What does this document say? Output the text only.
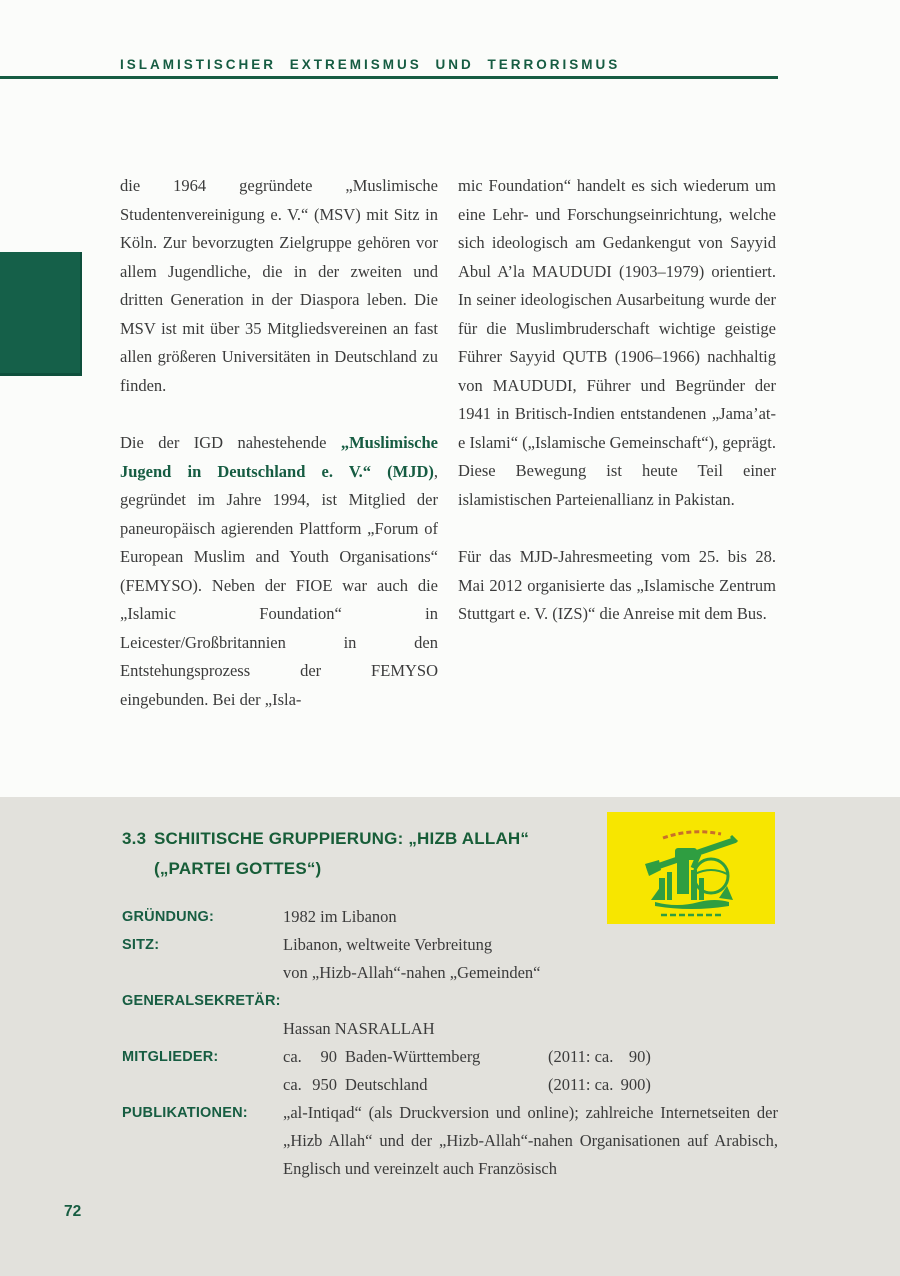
ISLAMISTISCHER EXTREMISMUS UND TERRORISMUS

die 1964 gegründete „Muslimische Studentenvereinigung e. V.“ (MSV) mit Sitz in Köln. Zur bevorzugten Zielgruppe gehören vor allem Jugendliche, die in der zweiten und dritten Generation in der Diaspora leben. Die MSV ist mit über 35 Mitgliedsvereinen an fast allen größeren Universitäten in Deutschland zu finden.

Die der IGD nahestehende „Muslimische Jugend in Deutschland e. V.“ (MJD), gegründet im Jahre 1994, ist Mitglied der paneuropäisch agierenden Plattform „Forum of European Muslim and Youth Organisations“ (FEMYSO). Neben der FIOE war auch die „Islamic Foundation“ in Leicester/Großbritannien in den Entstehungsprozess der FEMYSO eingebunden. Bei der „Isla-

mic Foundation“ handelt es sich wiederum um eine Lehr- und Forschungseinrichtung, welche sich ideologisch am Gedankengut von Sayyid Abul A’la MAUDUDI (1903–1979) orientiert. In seiner ideologischen Ausarbeitung wurde der für die Muslimbruderschaft wichtige geistige Führer Sayyid QUTB (1906–1966) nachhaltig von MAUDUDI, Führer und Begründer der 1941 in Britisch-Indien entstandenen „Jama’at-e Islami“ („Islamische Gemeinschaft“), geprägt. Diese Bewegung ist heute Teil einer islamistischen Parteienallianz in Pakistan.

Für das MJD-Jahresmeeting vom 25. bis 28. Mai 2012 organisierte das „Islamische Zentrum Stuttgart e. V. (IZS)“ die Anreise mit dem Bus.

3.3 SCHIITISCHE GRUPPIERUNG: „HIZB ALLAH“
(„PARTEI GOTTES“)
GRÜNDUNG:	1982 im Libanon
SITZ:	Libanon, weltweite Verbreitung
von „Hizb-Allah“-nahen „Gemeinden“
GENERALSEKRETÄR:
Hassan NASRALLAH
MITGLIEDER:	ca.	90 Baden-Württemberg	(2011: ca. 90 )
ca. 950 Deutschland	(2011: ca. 900 )
PUBLIKATIONEN:	„al-Intiqad“ (als Druckversion und online); zahlreiche Internetseiten der „Hizb Allah“ und der „Hizb-Allah“-nahen Organisationen auf Arabisch, Englisch und vereinzelt auch Französisch
72
